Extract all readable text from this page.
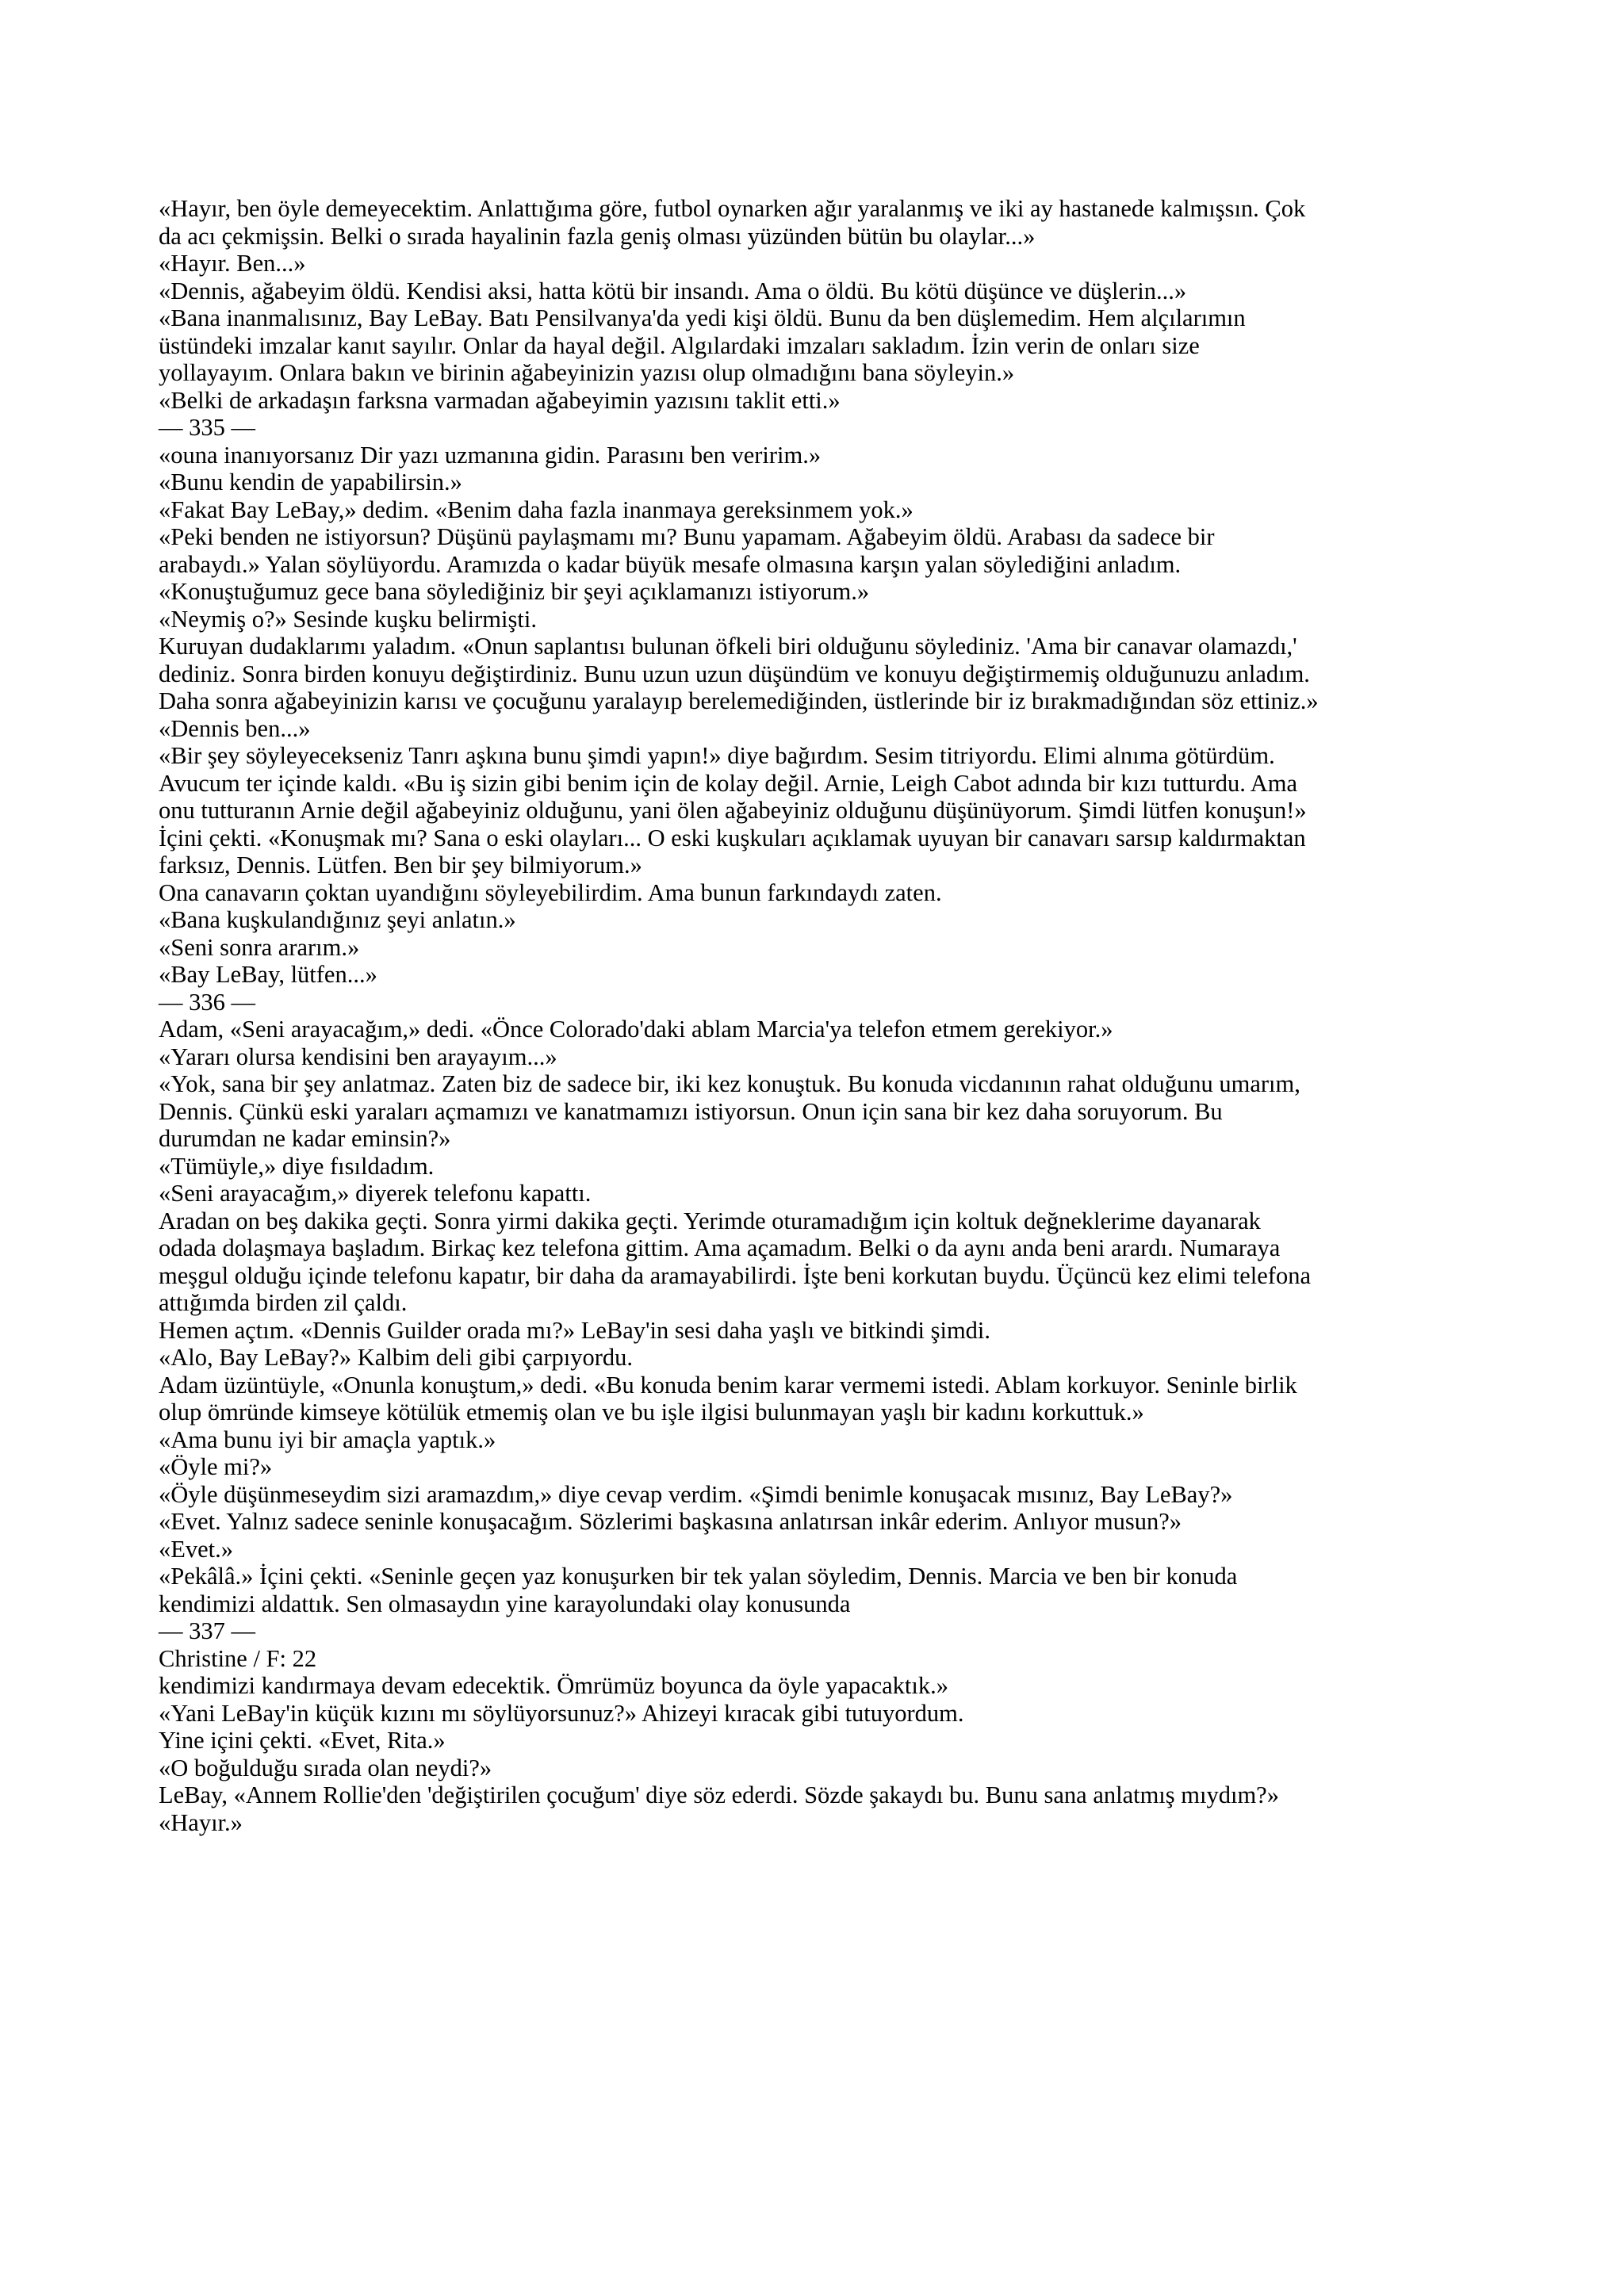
«Hayır, ben öyle demeyecektim. Anlattığıma göre, futbol oynarken ağır yaralanmış ve iki ay hastanede kalmışsın. Çok
da acı çekmişsin. Belki o sırada hayalinin fazla geniş olması yüzünden bütün bu olaylar...»
«Hayır. Ben...»
«Dennis, ağabeyim öldü. Kendisi aksi, hatta kötü bir insandı. Ama o öldü. Bu kötü düşünce ve düşlerin...»
«Bana inanmalısınız, Bay LeBay. Batı Pensilvanya'da yedi kişi öldü. Bunu da ben düşlemedim. Hem alçılarımın
üstündeki imzalar kanıt sayılır. Onlar da hayal değil. Algılardaki imzaları sakladım. İzin verin de onları size
yollayayım. Onlara bakın ve birinin ağabeyinizin yazısı olup olmadığını bana söyleyin.»
«Belki de arkadaşın farksna varmadan ağabeyimin yazısını taklit etti.»
— 335 —
«ouna inanıyorsanız Dir yazı uzmanına gidin. Parasını ben veririm.»
«Bunu kendin de yapabilirsin.»
«Fakat Bay LeBay,» dedim. «Benim daha fazla inanmaya gereksinmem yok.»
«Peki benden ne istiyorsun? Düşünü paylaşmamı mı? Bunu yapamam. Ağabeyim öldü. Arabası da sadece bir
arabaydı.» Yalan söylüyordu. Aramızda o kadar büyük mesafe olmasına karşın yalan söylediğini anladım.
«Konuştuğumuz gece bana söylediğiniz bir şeyi açıklamanızı istiyorum.»
«Neymiş o?» Sesinde kuşku belirmişti.
Kuruyan dudaklarımı yaladım. «Onun saplantısı bulunan öfkeli biri olduğunu söylediniz. 'Ama bir canavar olamazdı,'
dediniz. Sonra birden konuyu değiştirdiniz. Bunu uzun uzun düşündüm ve konuyu değiştirmemiş olduğunuzu anladım.
Daha sonra ağabeyinizin karısı ve çocuğunu yaralayıp berelemediğinden, üstlerinde bir iz bırakmadığından söz ettiniz.»
«Dennis ben...»
«Bir şey söyleyecekseniz Tanrı aşkına bunu şimdi yapın!» diye bağırdım. Sesim titriyordu. Elimi alnıma götürdüm.
Avucum ter içinde kaldı. «Bu iş sizin gibi benim için de kolay değil. Arnie, Leigh Cabot adında bir kızı tutturdu. Ama
onu tutturanın Arnie değil ağabeyiniz olduğunu, yani ölen ağabeyiniz olduğunu düşünüyorum. Şimdi lütfen konuşun!»
İçini çekti. «Konuşmak mı? Sana o eski olayları... O eski kuşkuları açıklamak uyuyan bir canavarı sarsıp kaldırmaktan
farksız, Dennis. Lütfen. Ben bir şey bilmiyorum.»
Ona canavarın çoktan uyandığını söyleyebilirdim. Ama bunun farkındaydı zaten.
«Bana kuşkulandığınız şeyi anlatın.»
«Seni sonra ararım.»
«Bay LeBay, lütfen...»
— 336 —
Adam, «Seni arayacağım,» dedi. «Önce Colorado'daki ablam Marcia'ya telefon etmem gerekiyor.»
«Yararı olursa kendisini ben arayayım...»
«Yok, sana bir şey anlatmaz. Zaten biz de sadece bir, iki kez konuştuk. Bu konuda vicdanının rahat olduğunu umarım,
Dennis. Çünkü eski yaraları açmamızı ve kanatmamızı istiyorsun. Onun için sana bir kez daha soruyorum. Bu
durumdan ne kadar eminsin?»
«Tümüyle,» diye fısıldadım.
«Seni arayacağım,» diyerek telefonu kapattı.
Aradan on beş dakika geçti. Sonra yirmi dakika geçti. Yerimde oturamadığım için koltuk değneklerime dayanarak
odada dolaşmaya başladım. Birkaç kez telefona gittim. Ama açamadım. Belki o da aynı anda beni arardı. Numaraya
meşgul olduğu içinde telefonu kapatır, bir daha da aramayabilirdi. İşte beni korkutan buydu. Üçüncü kez elimi telefona
attığımda birden zil çaldı.
Hemen açtım. «Dennis Guilder orada mı?» LeBay'in sesi daha yaşlı ve bitkindi şimdi.
«Alo, Bay LeBay?» Kalbim deli gibi çarpıyordu.
Adam üzüntüyle, «Onunla konuştum,» dedi. «Bu konuda benim karar vermemi istedi. Ablam korkuyor. Seninle birlik
olup ömründe kimseye kötülük etmemiş olan ve bu işle ilgisi bulunmayan yaşlı bir kadını korkuttuk.»
«Ama bunu iyi bir amaçla yaptık.»
«Öyle mi?»
«Öyle düşünmeseydim sizi aramazdım,» diye cevap verdim. «Şimdi benimle konuşacak mısınız, Bay LeBay?»
«Evet. Yalnız sadece seninle konuşacağım. Sözlerimi başkasına anlatırsan inkâr ederim. Anlıyor musun?»
«Evet.»
«Pekâlâ.» İçini çekti. «Seninle geçen yaz konuşurken bir tek yalan söyledim, Dennis. Marcia ve ben bir konuda
kendimizi aldattık. Sen olmasaydın yine karayolundaki olay konusunda
— 337 —
Christine / F: 22
kendimizi kandırmaya devam edecektik. Ömrümüz boyunca da öyle yapacaktık.»
«Yani LeBay'in küçük kızını mı söylüyorsunuz?» Ahizeyi kıracak gibi tutuyordum.
Yine içini çekti. «Evet, Rita.»
«O boğulduğu sırada olan neydi?»
LeBay, «Annem Rollie'den 'değiştirilen çocuğum' diye söz ederdi. Sözde şakaydı bu. Bunu sana anlatmış mıydım?»
«Hayır.»
